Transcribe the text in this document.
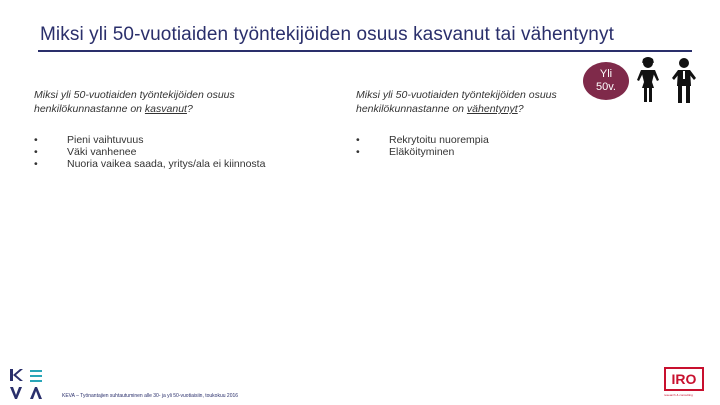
Miksi yli 50-vuotiaiden työntekijöiden osuus kasvanut tai vähentynyt
Miksi yli 50-vuotiaiden työntekijöiden osuus henkilökunnastanne on kasvanut?
• Pieni vaihtuvuus
• Väki vanhenee
• Nuoria vaikea saada, yritys/ala ei kiinnosta
Miksi yli 50-vuotiaiden työntekijöiden osuus henkilökunnastanne on vähentynyt?
• Rekrytoitu nuorempia
• Eläköityminen
Yli
50v.
KEVA – Työnantajien suhtautuminen alle 30- ja yli 50-vuotiaisiin, toukokuu 2016
IRO
research & consulting
